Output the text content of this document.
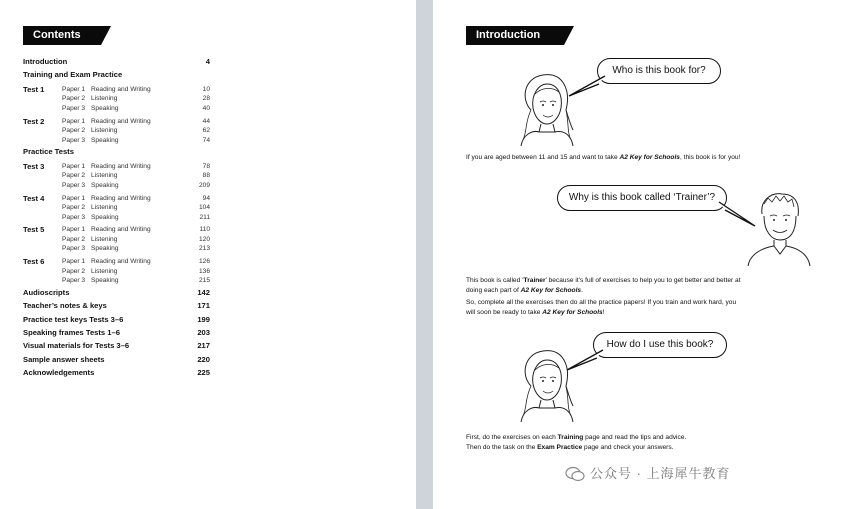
Contents
Introduction	4
Training and Exam Practice
Test 1	Paper 1 Reading and Writing	10
Paper 2 Listening	28
Paper 3 Speaking	40
Test 2	Paper 1 Reading and Writing	44
Paper 2 Listening	62
Paper 3 Speaking	74
Practice Tests
Test 3	Paper 1 Reading and Writing	78
Paper 2 Listening	88
Paper 3 Speaking	209
Test 4	Paper 1 Reading and Writing	94
Paper 2 Listening	104
Paper 3 Speaking	211
Test 5	Paper 1 Reading and Writing	110
Paper 2 Listening	120
Paper 3 Speaking	213
Test 6	Paper 1 Reading and Writing	126
Paper 2 Listening	136
Paper 3 Speaking	215
Audioscripts	142
Teacher’s notes & keys	171
Practice test keys Tests 3–6	199
Speaking frames Tests 1–6	203
Visual materials for Tests 3–6	217
Sample answer sheets	220
Acknowledgements	225
Introduction
Who is this book for?
If you are aged between 11 and 15 and want to take A2 Key for Schools, this book is for you!
Why is this book called ‘Trainer’?
This book is called ‘Trainer’ because it’s full of exercises to help you to get better and better at
doing each part of A2 Key for Schools.
So, complete all the exercises then do all the practice papers! If you train and work hard, you
will soon be ready to take A2 Key for Schools!
How do I use this book?
First, do the exercises on each Training page and read the tips and advice.
Then do the task on the Exam Practice page and check your answers.
公众号 · 上海犀牛教育
